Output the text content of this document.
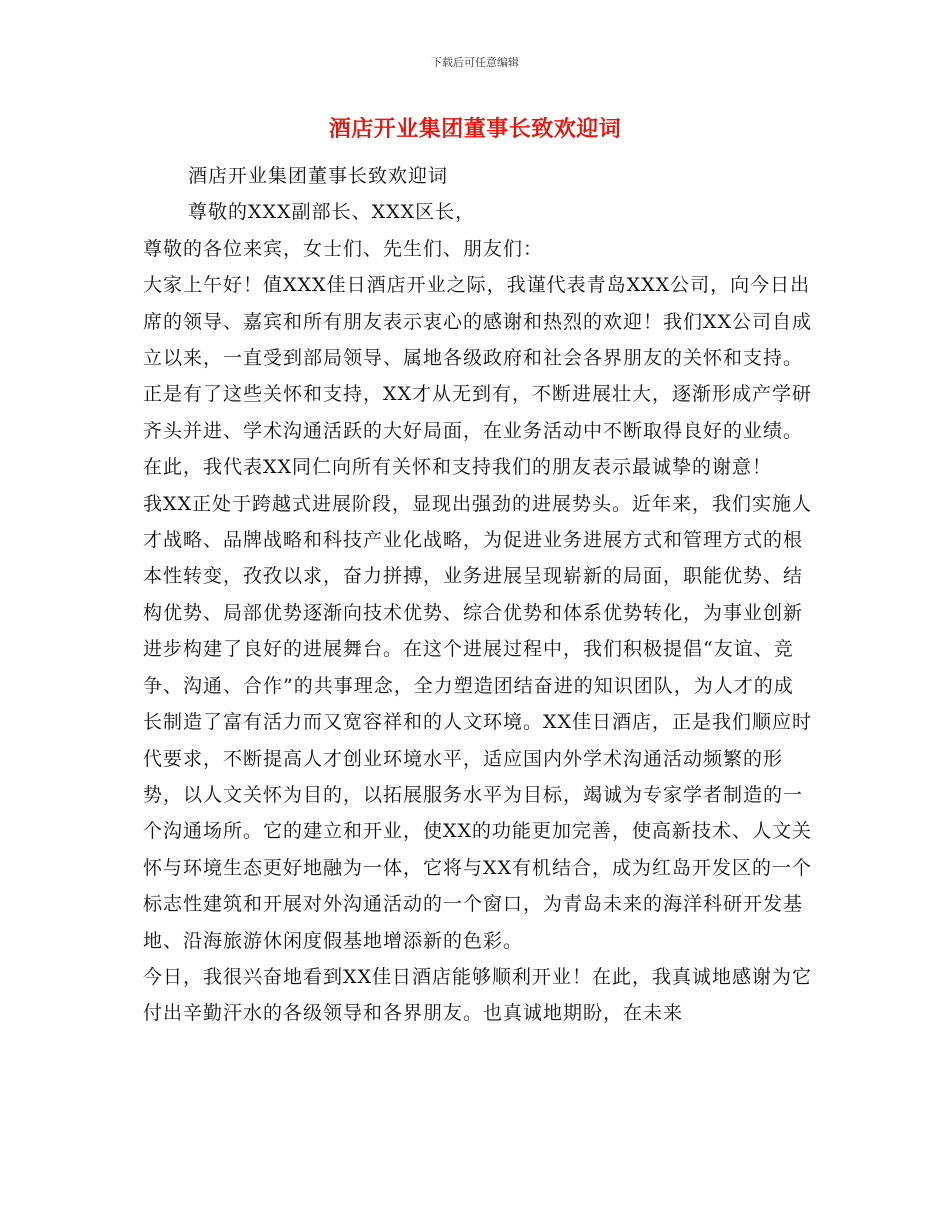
下载后可任意编辑
酒店开业集团董事长致欢迎词

酒店开业集团董事长致欢迎词

尊敬的XXX副部长、XXX区长，

尊敬的各位来宾，女士们、先生们、朋友们：

大家上午好！值XXX佳日酒店开业之际，我谨代表青岛XXX公司，向今日出席的领导、嘉宾和所有朋友表示衷心的感谢和热烈的欢迎！我们XX公司自成立以来，一直受到部局领导、属地各级政府和社会各界朋友的关怀和支持。正是有了这些关怀和支持，XX才从无到有，不断进展壮大，逐渐形成产学研齐头并进、学术沟通活跃的大好局面，在业务活动中不断取得良好的业绩。在此，我代表XX同仁向所有关怀和支持我们的朋友表示最诚挚的谢意！

我XX正处于跨越式进展阶段，显现出强劲的进展势头。近年来，我们实施人才战略、品牌战略和科技产业化战略，为促进业务进展方式和管理方式的根本性转变，孜孜以求，奋力拼搏，业务进展呈现崭新的局面，职能优势、结构优势、局部优势逐渐向技术优势、综合优势和体系优势转化，为事业创新进步构建了良好的进展舞台。在这个进展过程中，我们积极提倡“友谊、竞争、沟通、合作”的共事理念，全力塑造团结奋进的知识团队，为人才的成长制造了富有活力而又宽容祥和的人文环境。XX佳日酒店，正是我们顺应时代要求，不断提高人才创业环境水平，适应国内外学术沟通活动频繁的形势，以人文关怀为目的，以拓展服务水平为目标，竭诚为专家学者制造的一个沟通场所。它的建立和开业，使XX的功能更加完善，使高新技术、人文关怀与环境生态更好地融为一体，它将与XX有机结合，成为红岛开发区的一个标志性建筑和开展对外沟通活动的一个窗口，为青岛未来的海洋科研开发基地、沿海旅游休闲度假基地增添新的色彩。

今日，我很兴奋地看到XX佳日酒店能够顺利开业！在此，我真诚地感谢为它付出辛勤汗水的各级领导和各界朋友。也真诚地期盼，在未来
